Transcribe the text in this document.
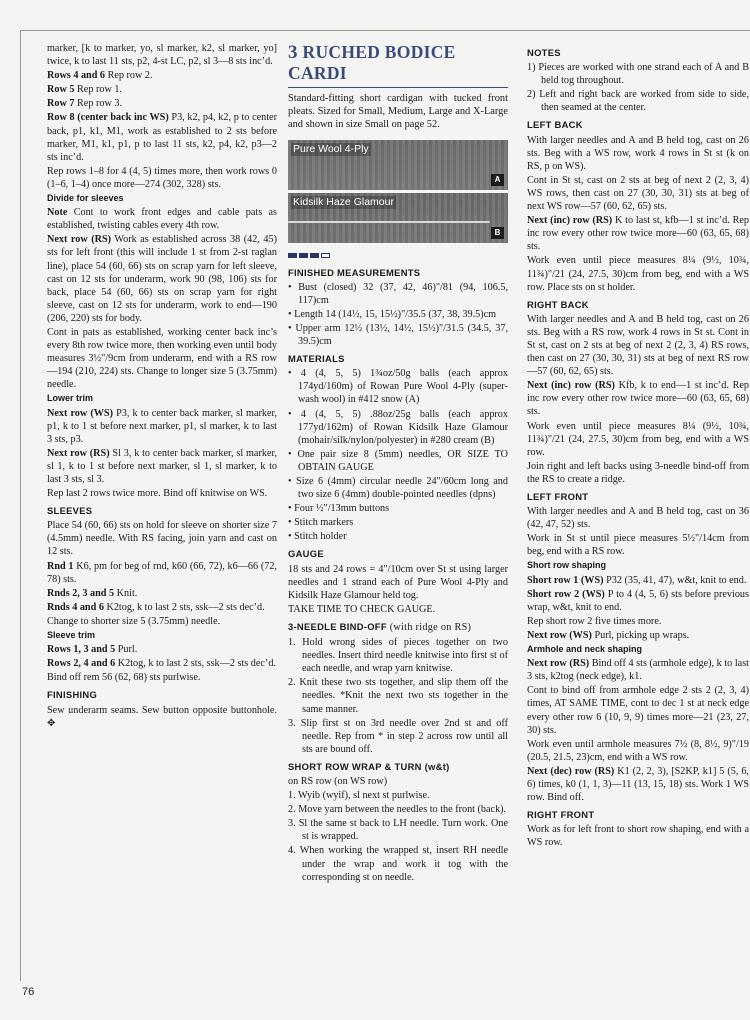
marker, [k to marker, yo, sl marker, k2, sl marker, yo] twice, k to last 11 sts, p2, 4-st LC, p2, sl 3—8 sts inc’d.

Rows 4 and 6 Rep row 2.

Row 5 Rep row 1.

Row 7 Rep row 3.

Row 8 (center back inc WS) P3, k2, p4, k2, p to center back, p1, k1, M1, work as established to 2 sts before marker, M1, k1, p1, p to last 11 sts, k2, p4, k2, p3—2 sts inc’d.

Rep rows 1–8 for 4 (4, 5) times more, then work rows 0 (1–6, 1–4) once more—274 (302, 328) sts.

Divide for sleeves

Note Cont to work front edges and cable pats as established, twisting cables every 4th row.

Next row (RS) Work as established across 38 (42, 45) sts for left front (this will include 1 st from 2-st raglan line), place 54 (60, 66) sts on scrap yarn for left sleeve, cast on 12 sts for underarm, work 90 (98, 106) sts for back, place 54 (60, 66) sts on scrap yarn for right sleeve, cast on 12 sts for underarm, work to end—190 (206, 220) sts for body.

Cont in pats as established, working center back inc’s every 8th row twice more, then working even until body measures 3½"/9cm from underarm, end with a RS row—194 (210, 224) sts. Change to longer size 5 (3.75mm) needle.

Lower trim

Next row (WS) P3, k to center back marker, sl marker, p1, k to 1 st before next marker, p1, sl marker, k to last 3 sts, p3.

Next row (RS) Sl 3, k to center back marker, sl marker, sl 1, k to 1 st before next marker, sl 1, sl marker, k to last 3 sts, sl 3.

Rep last 2 rows twice more. Bind off knitwise on WS.

SLEEVES

Place 54 (60, 66) sts on hold for sleeve on shorter size 7 (4.5mm) needle. With RS facing, join yarn and cast on 12 sts.

Rnd 1 K6, pm for beg of rnd, k60 (66, 72), k6—66 (72, 78) sts.

Rnds 2, 3 and 5 Knit.

Rnds 4 and 6 K2tog, k to last 2 sts, ssk—2 sts dec’d.

Change to shorter size 5 (3.75mm) needle.

Sleeve trim

Rows 1, 3 and 5 Purl.

Rows 2, 4 and 6 K2tog, k to last 2 sts, ssk—2 sts dec’d.

Bind off rem 56 (62, 68) sts purlwise.

FINISHING

Sew underarm seams. Sew button opposite buttonhole. ✥

3 RUCHED BODICE CARDI

Standard-fitting short cardigan with tucked front pleats. Sized for Small, Medium, Large and X-Large and shown in size Small on page 52.

Pure Wool 4-Ply
A
Kidsilk Haze Glamour
B

FINISHED MEASUREMENTS

• Bust (closed) 32 (37, 42, 46)"/81 (94, 106.5, 117)cm

• Length 14 (14½, 15, 15½)"/35.5 (37, 38, 39.5)cm

• Upper arm 12½ (13½, 14½, 15½)"/31.5 (34.5, 37, 39.5)cm

MATERIALS

• 4 (4, 5, 5) 1¾oz/50g balls (each approx 174yd/160m) of Rowan Pure Wool 4-Ply (super-wash wool) in #412 snow (A)

• 4 (4, 5, 5) .88oz/25g balls (each approx 177yd/162m) of Rowan Kidsilk Haze Glamour (mohair/silk/nylon/polyester) in #280 cream (B)

• One pair size 8 (5mm) needles, OR SIZE TO OBTAIN GAUGE

• Size 6 (4mm) circular needle 24"/60cm long and two size 6 (4mm) double-pointed needles (dpns)

• Four ½"/13mm buttons

• Stitch markers

• Stitch holder

GAUGE

18 sts and 24 rows = 4"/10cm over St st using larger needles and 1 strand each of Pure Wool 4-Ply and Kidsilk Haze Glamour held tog.

TAKE TIME TO CHECK GAUGE.

3-NEEDLE BIND-OFF (with ridge on RS)

1. Hold wrong sides of pieces together on two needles. Insert third needle knitwise into first st of each needle, and wrap yarn knitwise.

2. Knit these two sts together, and slip them off the needles. *Knit the next two sts together in the same manner.

3. Slip first st on 3rd needle over 2nd st and off needle. Rep from * in step 2 across row until all sts are bound off.

SHORT ROW WRAP & TURN (w&t)

on RS row (on WS row)

1. Wyib (wyif), sl next st purlwise.

2. Move yarn between the needles to the front (back).

3. Sl the same st back to LH needle. Turn work. One st is wrapped.

4. When working the wrapped st, insert RH needle under the wrap and work it tog with the corresponding st on needle.

NOTES

1) Pieces are worked with one strand each of A and B held tog throughout.

2) Left and right back are worked from side to side, then seamed at the center.

LEFT BACK

With larger needles and A and B held tog, cast on 26 sts. Beg with a WS row, work 4 rows in St st (k on RS, p on WS).

Cont in St st, cast on 2 sts at beg of next 2 (2, 3, 4) WS rows, then cast on 27 (30, 30, 31) sts at beg of next WS row—57 (60, 62, 65) sts.

Next (inc) row (RS) K to last st, kfb—1 st inc’d. Rep inc row every other row twice more—60 (63, 65, 68) sts.

Work even until piece measures 8¼ (9½, 10¾, 11¾)"/21 (24, 27.5, 30)cm from beg, end with a WS row. Place sts on st holder.

RIGHT BACK

With larger needles and A and B held tog, cast on 26 sts. Beg with a RS row, work 4 rows in St st. Cont in St st, cast on 2 sts at beg of next 2 (2, 3, 4) RS rows, then cast on 27 (30, 30, 31) sts at beg of next RS row—57 (60, 62, 65) sts.

Next (inc) row (RS) Kfb, k to end—1 st inc’d. Rep inc row every other row twice more—60 (63, 65, 68) sts.

Work even until piece measures 8¼ (9½, 10¾, 11¾)"/21 (24, 27.5, 30)cm from beg, end with a WS row.

Join right and left backs using 3-needle bind-off from the RS to create a ridge.

LEFT FRONT

With larger needles and A and B held tog, cast on 36 (42, 47, 52) sts.

Work in St st until piece measures 5½"/14cm from beg, end with a RS row.

Short row shaping

Short row 1 (WS) P32 (35, 41, 47), w&t, knit to end.

Short row 2 (WS) P to 4 (4, 5, 6) sts before previous wrap, w&t, knit to end.

Rep short row 2 five times more.

Next row (WS) Purl, picking up wraps.

Armhole and neck shaping

Next row (RS) Bind off 4 sts (armhole edge), k to last 3 sts, k2tog (neck edge), k1.

Cont to bind off from armhole edge 2 sts 2 (2, 3, 4) times, AT SAME TIME, cont to dec 1 st at neck edge every other row 6 (10, 9, 9) times more—21 (23, 27, 30) sts.

Work even until armhole measures 7½ (8, 8½, 9)"/19 (20.5, 21.5, 23)cm, end with a WS row.

Next (dec) row (RS) K1 (2, 2, 3), [S2KP, k1] 5 (5, 6, 6) times, k0 (1, 1, 3)—11 (13, 15, 18) sts. Work 1 WS row. Bind off.

RIGHT FRONT

Work as for left front to short row shaping, end with a WS row.

76
